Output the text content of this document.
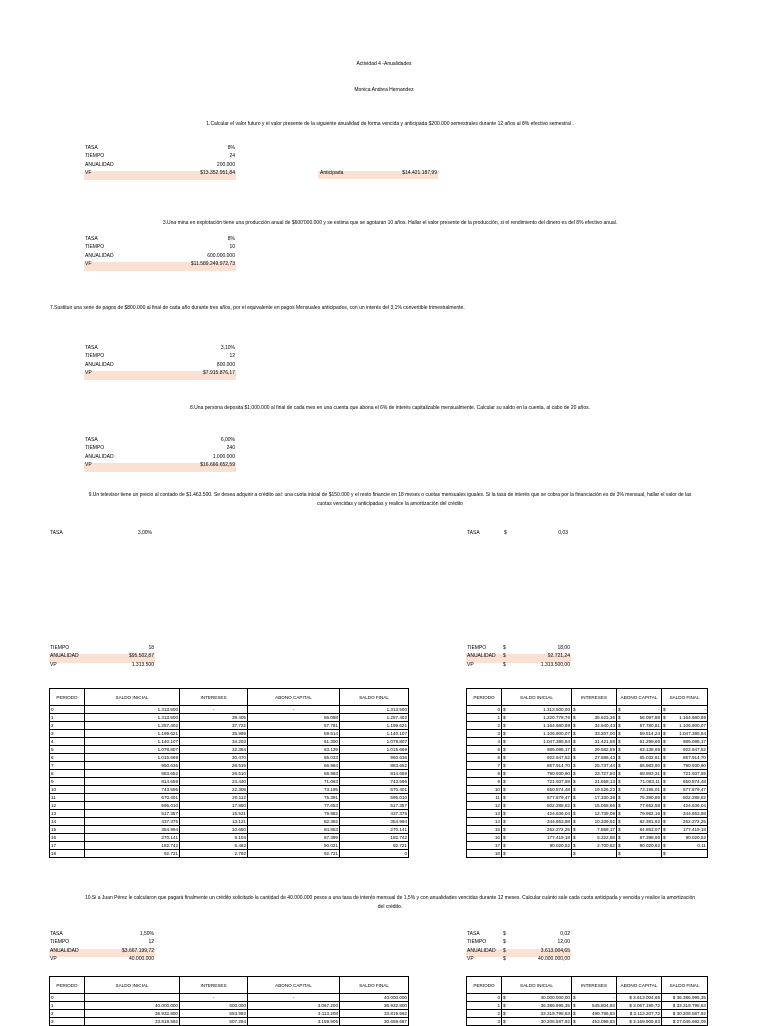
Actividad 4 -Anualidades
Monica Andrea Hernandez
1.Calcular el valor futuro y el valor presente de la siguiente anualidad de forma vencida y anticipada $200.000 semestrales durante 12 años al 8% efectivo semestral .
TASA	8%
TIEMPO	24
ANUALIDAD	200.000
VF	$13.352.951,84	Anticipada	$14.421.187,99
3.Una mina en explotación tiene una producción anual de $600'000.000 y se estima que se agotaran 10 años. Hallar el valor presente de la producción, si el rendimiento del dinero es del 8% efectivo anual.
TASA	8%
TIEMPO	10
ANUALIDAD	600.000.000
VF	$11.589.249.972,73
7.Sustituir una serie de pagos de $800.000 al final de cada año durante tres años, por el equivalente en pagos Mensuales anticipados, con un interés del 3,1% convertible trimestralmente.
TASA	3,10%
TIEMPO	12
ANUALIDAD	800.000
VP	$7.915.876,17
8.Una persona deposita $1.000.000 al final de cada mes en una cuenta que abona el 6% de interés capitalizable mensualmente. Calcular su saldo en la cuenta, al cabo de 20 años.
TASA	6,00%
TIEMPO	240
ANUALIDAD	1.000.000
VP	$16.666.652,59
9.Un televisor tiene un precio al contado de $1.463.500. Se desea adquirir a crédito así: una cuota inicial de $150.000 y el resto financie en 18 meses o cuotas mensuales iguales. Si la tasa de interés que se cobra por la financiación es de 3% mensual, hallar el valor de las
cuotas vencidas y anticipadas y realice la amortización del crédito
TASA	3,00%	TASA	$	0,03
TIEMPO	18
ANUALIDAD	$95.502,87
VP	1.313.500
TIEMPO	$	18,00
ANUALIDAD $	92.721,24
VP	$	1.313.500,00
PERIODO	SALDO INICIAL	INTERESES	ABONO CAPITAL	SALDO FINAL
0	1.313.500	-	-	1.313.500
1	1.313.500	39.405	56.098	1.257.402
2	1.257.402	37.722	57.781	1.199.621
3	1.199.621	35.989	59.514	1.140.107
4	1.140.107	34.203	61.300	1.078.807
5	1.078.807	32.364	63.139	1.015.669
6	1.015.669	30.470	65.033	950.636
7	950.636	28.519	66.984	883.652
8	883.652	26.510	68.993	814.659
9	814.659	24.440	71.063	743.596
10	743.596	22.308	73.195	670.401
11	670.401	20.112	75.391	595.010
12	595.010	17.850	77.653	517.357
13	517.357	15.521	79.982	437.375
14	437.375	13.121	82.382	354.994
15	354.994	10.650	84.853	270.141
16	270.141	8.104	87.399	182.742
17	182.742	5.482	90.021	92.721
18	92.721	2.782	92.721	0
PERIODO	SALDO INICIAL	INTERESES	ABONO CAPITAL	SALDO FINAL
0	$ 1.313.500,00	$ -	$ -	$ -

1	$ 1.220.778,76	$ 36.623,36	$ 56.097,88	$ 1.164.680,89

2	$ 1.164.680,89	$ 34.940,43	$ 57.780,81	$ 1.106.900,07

3	$ 1.106.900,07	$ 33.207,00	$ 59.514,24	$ 1.047.385,84

4	$ 1.047.385,84	$ 31.421,58	$ 61.299,66	$ 986.086,17

5	$ 986.086,17	$ 29.582,59	$ 63.138,65	$ 922.947,52

6	$ 922.947,52	$ 27.688,43	$ 65.032,81	$ 857.914,70

7	$ 857.914,70	$ 25.737,44	$ 66.983,80	$ 790.930,90

8	$ 790.930,90	$ 23.727,93	$ 68.993,31	$ 721.937,59

9	$ 721.937,59	$ 21.658,13	$ 71.063,11	$ 650.874,48

10	$ 650.874,48	$ 19.526,23	$ 73.195,01	$ 577.679,47

11	$ 577.679,47	$ 17.330,38	$ 75.390,86	$ 502.288,62

12	$ 502.288,62	$ 15.068,66	$ 77.652,58	$ 424.636,04

13	$ 424.636,04	$ 12.739,08	$ 79.982,16	$ 344.653,88

14	$ 344.653,88	$ 10.339,62	$ 82.381,62	$ 262.272,25

15	$ 262.272,25	$ 7.868,17	$ 84.853,07	$ 177.419,18

16	$ 177.419,18	$ 5.322,58	$ 87.398,66	$ 90.020,52

17	$ 90.020,52	$ 2.700,62	$ 90.020,62	$ 0,11

18	$	$	$	$
10.Si a Juan Pérez le calcularon que pagará finalmente un crédito solicitado la cantidad de 40.000.000 pesos a una tasa de interés mensual de 1,5% y con anualidades vencidas durante 12 meses. Calcular cuánto sale cada cuota anticipada y vencida y realice la amortización
del crédito.
TASA	1,50%
TIEMPO	12
ANUALIDAD	$3.667.199,72
VP	40.000.000
TASA	$	0,02
TIEMPO	$	12,00
ANUALIDAD $	3.613.004,65
VP	$	40.000.000,00
PERIODO	SALDO INICIAL	INTERESES	ABONO CAPITAL	SALDO FINAL
0		-	-	40.000.000
1	40.000.000	600.000	3.067.200	36.932.800
2	36.932.800	553.992	3.113.208	33.819.592
3	33.819.592	507.294	3.159.906	30.659.687
PERIODO	SALDO INICIAL	INTERESES	ABONO CAPITAL	SALDO FINAL
0	$ 40.000.000,00	$ -	$ 3.613.004,65	$ 36.386.995,35
1	$ 36.386.995,35	$ 545.804,93	$ 3.067.199,72	$ 33.319.795,63
2	$ 33.319.795,63	$ 499.796,93	$ 3.113.207,72	$ 30.206.587,92
3	$ 30.206.587,92	$ 453.098,83	$ 3.159.905,83	$ 27.046.682,09
